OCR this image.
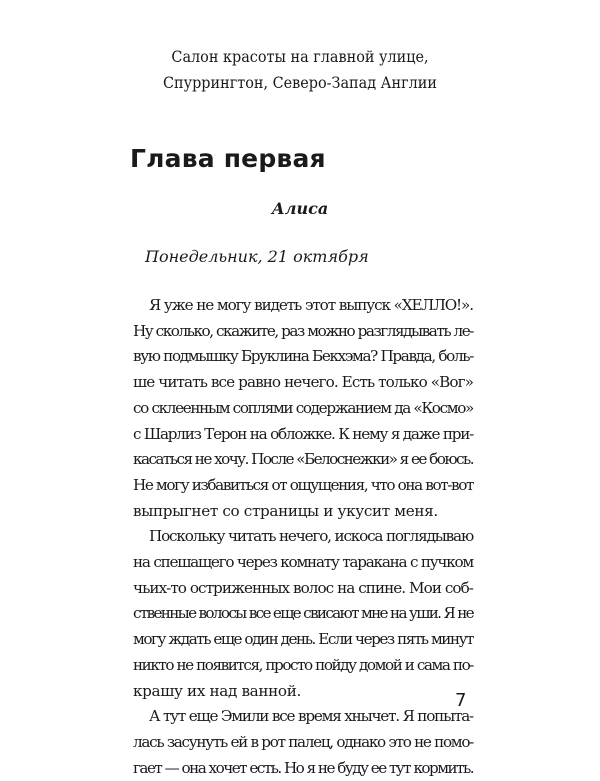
Салон красоты на главной улице,
Спуррингтон, Северо-Запад Англии
Глава первая
Алиса
Понедельник, 21 октября
Я уже не могу видеть этот выпуск «ХЕЛЛО!».
Ну сколько, скажите, раз можно разглядывать ле-
вую подмышку Бруклина Бекхэма? Правда, боль-
ше читать все равно нечего. Есть только «Вог»
со склеенным соплями содержанием да «Космо»
с Шарлиз Терон на обложке. К нему я даже при-
касаться не хочу. После «Белоснежки» я ее боюсь.
Не могу избавиться от ощущения, что она вот-вот
выпрыгнет со страницы и укусит меня.
Поскольку читать нечего, искоса поглядываю
на спешащего через комнату таракана с пучком
чьих-то остриженных волос на спине. Мои соб-
ственные волосы все еще свисают мне на уши. Я не
могу ждать еще один день. Если через пять минут
никто не появится, просто пойду домой и сама по-
крашу их над ванной.
А тут еще Эмили все время хнычет. Я попыта-
лась засунуть ей в рот палец, однако это не помо-
гает — она хочет есть. Но я не буду ее тут кормить.
7
